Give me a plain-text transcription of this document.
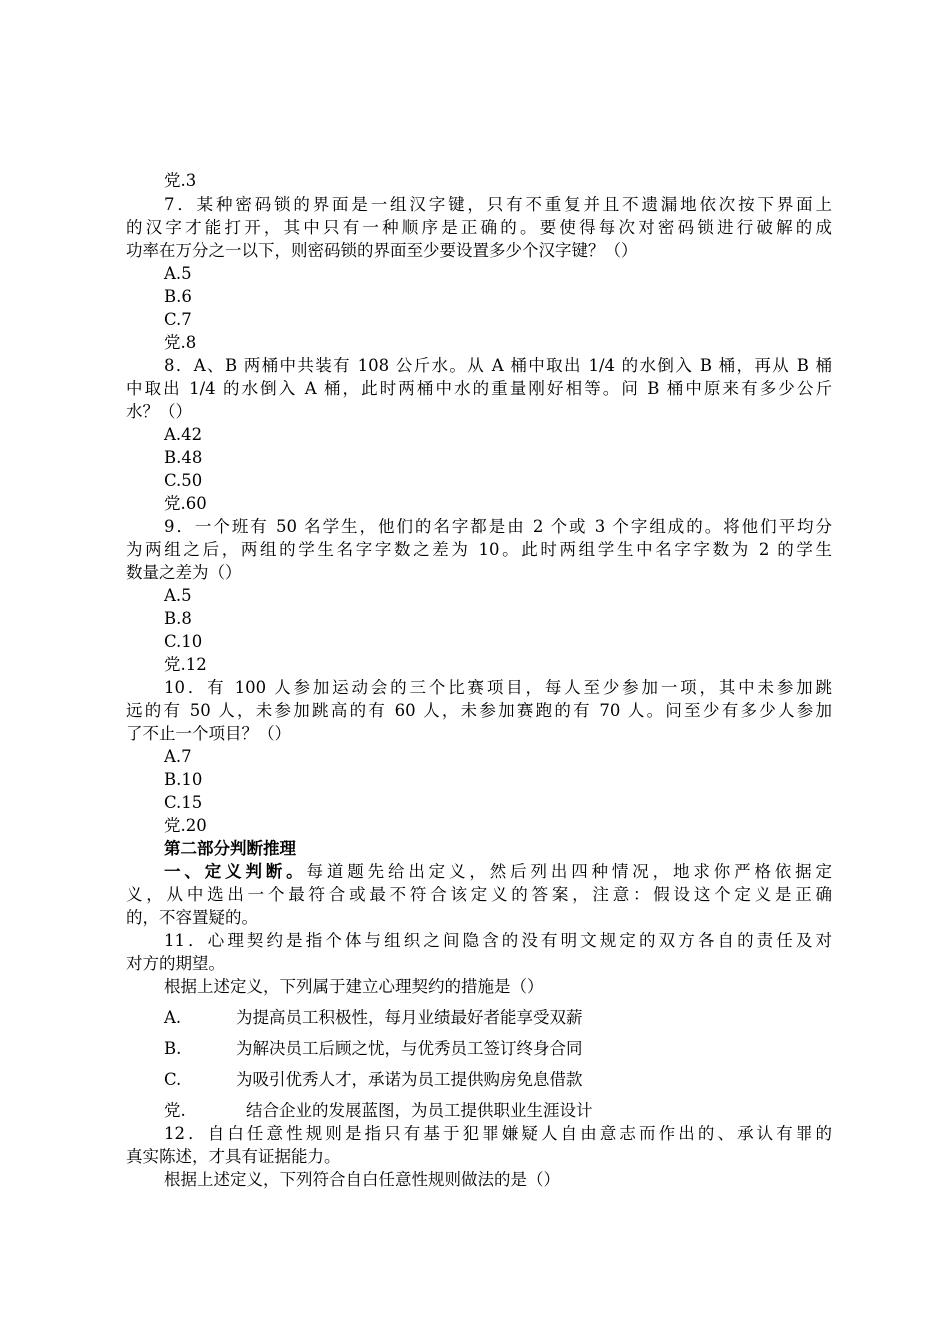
党.3
7．某种密码锁的界面是一组汉字键，只有不重复并且不遗漏地依次按下界面上
的汉字才能打开，其中只有一种顺序是正确的。要使得每次对密码锁进行破解的成
功率在万分之一以下，则密码锁的界面至少要设置多少个汉字键？（）
A.5
B.6
C.7
党.8
8．A、B 两桶中共装有 108 公斤水。从 A 桶中取出 1/4 的水倒入 B 桶，再从 B 桶
中取出 1/4 的水倒入 A 桶，此时两桶中水的重量刚好相等。问 B 桶中原来有多少公斤
水？（）
A.42
B.48
C.50
党.60
9．一个班有 50 名学生，他们的名字都是由 2 个或 3 个字组成的。将他们平均分
为两组之后，两组的学生名字字数之差为 10。此时两组学生中名字字数为 2 的学生
数量之差为（）
A.5
B.8
C.10
党.12
10．有 100 人参加运动会的三个比赛项目，每人至少参加一项，其中未参加跳
远的有 50 人，未参加跳高的有 60 人，未参加赛跑的有 70 人。问至少有多少人参加
了不止一个项目？（）
A.7
B.10
C.15
党.20
第二部分判断推理
一、定义判断。每道题先给出定义，然后列出四种情况，地求你严格依据定
义，从中选出一个最符合或最不符合该定义的答案，注意：假设这个定义是正确
的，不容置疑的。
11．心理契约是指个体与组织之间隐含的没有明文规定的双方各自的责任及对
对方的期望。
根据上述定义，下列属于建立心理契约的措施是（）
A.	为提高员工积极性，每月业绩最好者能享受双薪
B.	为解决员工后顾之忧，与优秀员工签订终身合同
C.	为吸引优秀人才，承诺为员工提供购房免息借款
党.	结合企业的发展蓝图，为员工提供职业生涯设计
12．自白任意性规则是指只有基于犯罪嫌疑人自由意志而作出的、承认有罪的
真实陈述，才具有证据能力。
根据上述定义，下列符合自白任意性规则做法的是（）
